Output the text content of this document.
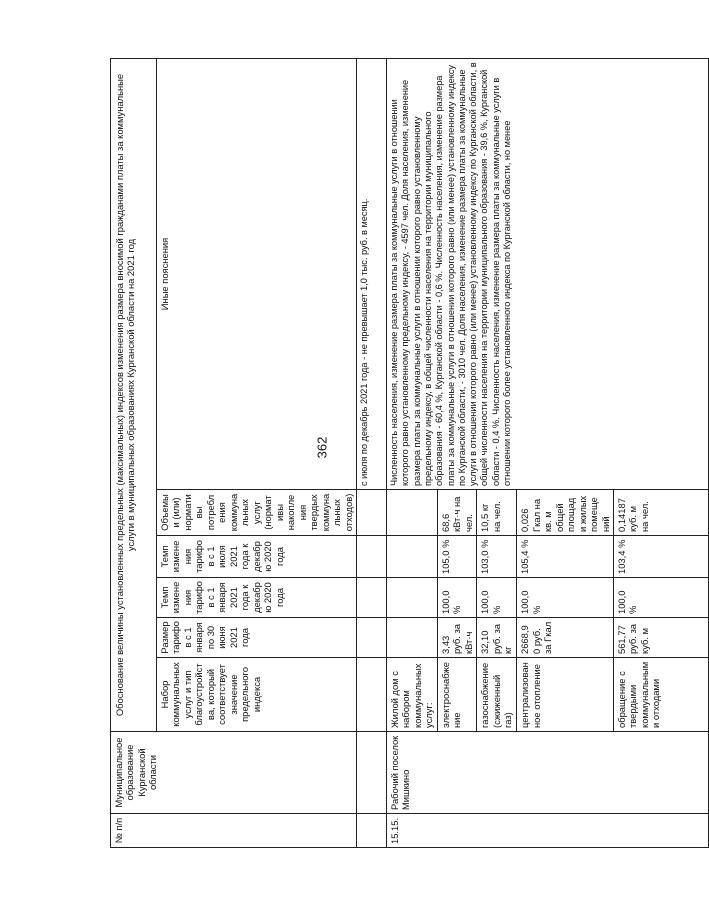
362
№ п/п	Муниципальное образование Курганской области	Обоснование величины установленных предельных (максимальных) индексов изменения размера вносимой гражданами платы за коммунальные услуги в муниципальных образованиях Курганской области на 2021 год					
		Набор коммунальных услуг и тип благоустройства, который соответствует значение предельного индекса	Размер тарифов с 1 января по 30 июня 2021 года	Темп изменения тарифов с 1 января 2021 года к декабрю 2020 года	Темп изменения тарифов с 1 июля 2021 года к декабрю 2020 года	Объемы и (или) нормативы потребления коммунальных услуг (нормативы накопления твердых коммунальных отходов)	Иные пояснения
							с июля по декабрь 2021 года - не превышает 1,0 тыс. руб. в месяц.
15.15.	Рабочий поселок Мишкино	Жилой дом с набором коммунальных услуг:					Численность населения, изменение размера платы за коммунальные услуги в отношении которого равно установленному предельному индексу, - 4597 чел. Доля населения, изменение размера платы за коммунальные услуги в отношении которого равно установленному предельному индексу, в общей численности населения на территории муниципального образования - 60,4 %, Курганской области - 0,6 %. Численность населения, изменение размера платы за коммунальные услуги в отношении которого равно (или менее) установленному индексу по Курганской области, - 3010 чел. Доля населения, изменение размера платы за коммунальные услуги в отношении которого равно (или менее) установленному индексу по Курганской области, в общей численности населения на территории муниципального образования - 39,6 %, Курганской области - 0,4 %. Численность населения, изменение размера платы за коммунальные услуги в отношении которого более установленного индекса по Курганской области, но менее
		электроснабжение	3,43 руб. за кВт·ч	100,0 %	105,0 %	68,6 кВт·ч на чел.	
		газоснабжение (сжиженный газ)	32,10 руб. за кг	100,0 %	103,0 %	10,5 кг на чел.	
		централизованное отопление	2668,90 руб. за Гкал	100,0 %	105,4 %	0,026 Гкал на кв. м общей площади жилых помещений	
		обращение с твердыми коммунальными отходами	561,77 руб. за куб. м	100,0 %	103,4 %	0,14187 куб. м на чел.	
